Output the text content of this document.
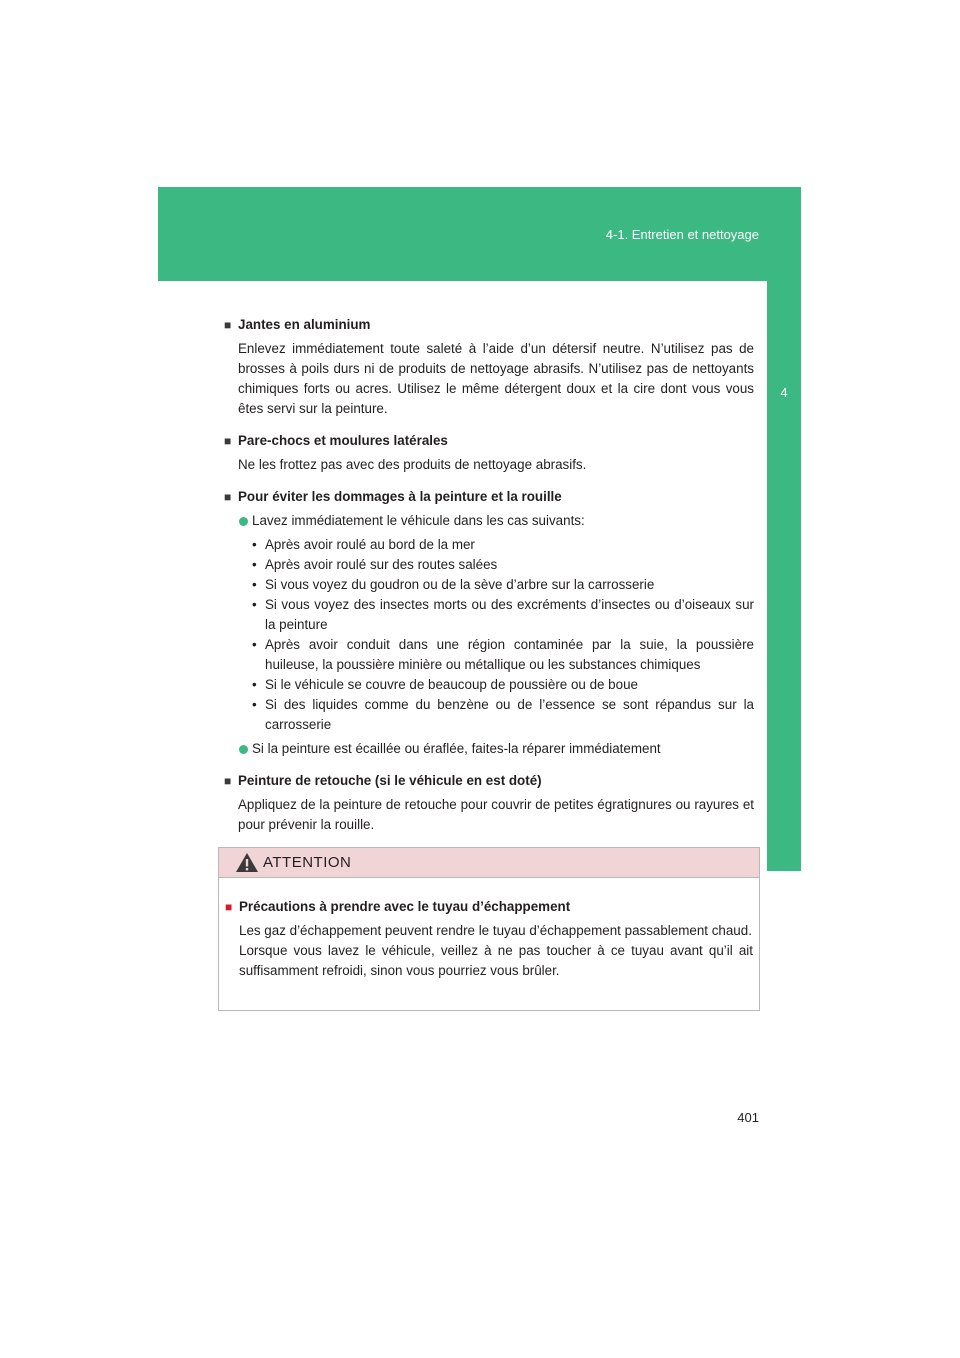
4-1. Entretien et nettoyage
4
■ Jantes en aluminium
Enlevez immédiatement toute saleté à l’aide d’un détersif neutre. N’utilisez pas de brosses à poils durs ni de produits de nettoyage abrasifs. N’utilisez pas de nettoyants chimiques forts ou acres. Utilisez le même détergent doux et la cire dont vous vous êtes servi sur la peinture.
■ Pare-chocs et moulures latérales
Ne les frottez pas avec des produits de nettoyage abrasifs.
■ Pour éviter les dommages à la peinture et la rouille
Lavez immédiatement le véhicule dans les cas suivants:
• Après avoir roulé au bord de la mer
• Après avoir roulé sur des routes salées
• Si vous voyez du goudron ou de la sève d’arbre sur la carrosserie
• Si vous voyez des insectes morts ou des excréments d’insectes ou d’oiseaux sur la peinture
• Après avoir conduit dans une région contaminée par la suie, la poussière huileuse, la poussière minière ou métallique ou les substances chimiques
• Si le véhicule se couvre de beaucoup de poussière ou de boue
• Si des liquides comme du benzène ou de l’essence se sont répandus sur la carrosserie
Si la peinture est écaillée ou éraflée, faites-la réparer immédiatement
■ Peinture de retouche (si le véhicule en est doté)
Appliquez de la peinture de retouche pour couvrir de petites égratignures ou rayures et pour prévenir la rouille.
ATTENTION
■ Précautions à prendre avec le tuyau d’échappement
Les gaz d’échappement peuvent rendre le tuyau d’échappement passablement chaud.
Lorsque vous lavez le véhicule, veillez à ne pas toucher à ce tuyau avant qu’il ait suffisamment refroidi, sinon vous pourriez vous brûler.
401
